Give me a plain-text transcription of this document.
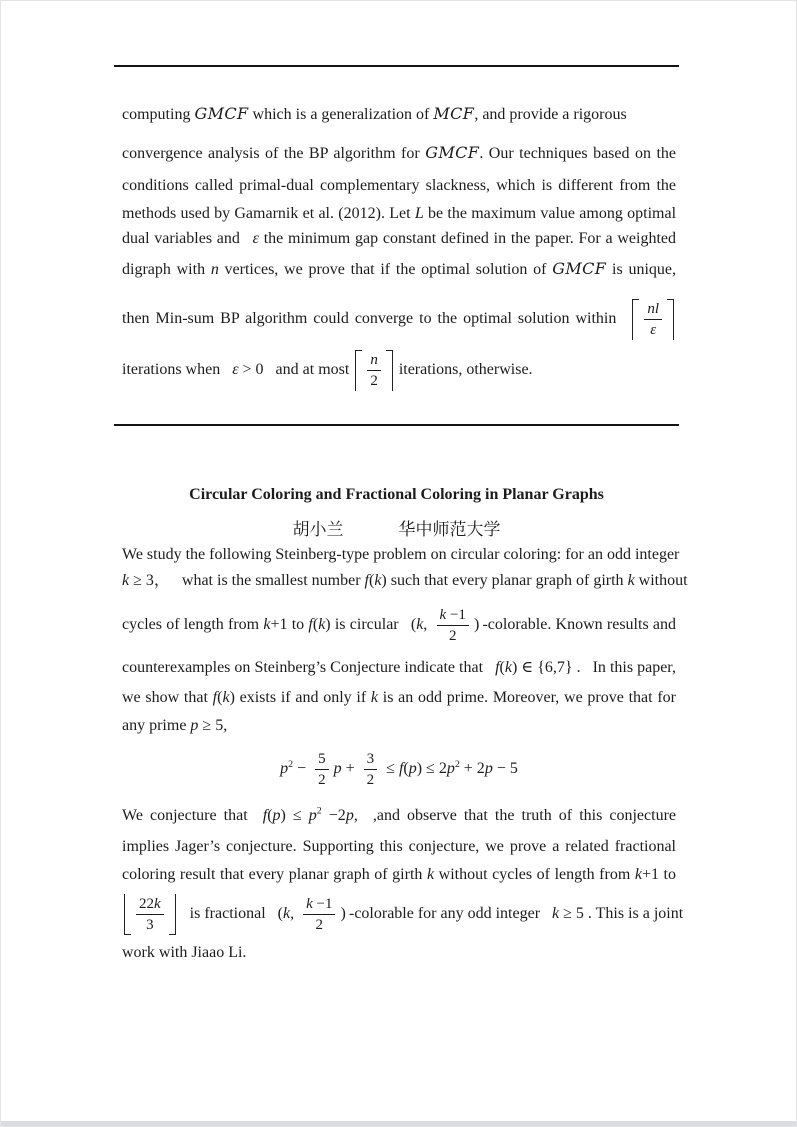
computing GMCF which is a generalization of MCF, and provide a rigorous
convergence analysis of the BP algorithm for GMCF. Our techniques based on the
conditions called primal-dual complementary slackness, which is different from the
methods used by Gamarnik et al. (2012). Let L be the maximum value among optimal
dual variables and  ε the minimum gap constant defined in the paper. For a weighted
digraph with n vertices, we prove that if the optimal solution of GMCF is unique,
then Min-sum BP algorithm could converge to the optimal solution within   $\frac{nl}{\varepsilon}$
iterations when  ε > 0  and at most $\frac{n}{2}$ iterations, otherwise.
Circular Coloring and Fractional Coloring in Planar Graphs
胡小兰	华中师范大学
We study the following Steinberg-type problem on circular coloring: for an odd integer
k ≥ 3，  what is the smallest number f(k) such that every planar graph of girth k without
cycles of length from k+1 to f(k) is circular  (k, $\frac{k -1}{2}$ ) -colorable. Known results and
counterexamples on Steinberg’s Conjecture indicate that  f(k) ∈ {6,7} .  In this paper,
we show that f(k) exists if and only if k is an odd prime. Moreover, we prove that for
any prime p ≥ 5,
$p^2 - \frac{5}{2}$ $p + \frac{3}{2} \le f(p) \le 2p^2 + 2p - 5$
We conjecture that  $f(p) \le p^2 -2p$,  ,and observe that the truth of this conjecture
implies Jager’s conjecture. Supporting this conjecture, we prove a related fractional
coloring result that every planar graph of girth k without cycles of length from k+1 to
$\frac{22k}{3}$  is fractional  (k, $\frac{k -1}{2}$ ) -colorable for any odd integer  k ≥ 5 . This is a joint
work with Jiaao Li.
